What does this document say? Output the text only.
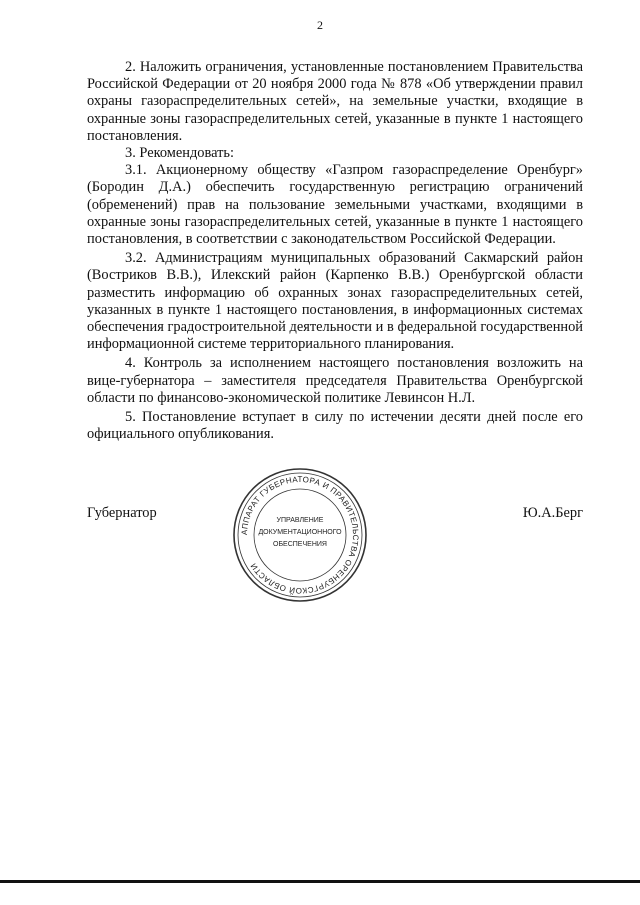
2

2. Наложить ограничения, установленные постановлением Правительства Российской Федерации от 20 ноября 2000 года № 878 «Об утверждении правил охраны газораспределительных сетей», на земельные участки, входящие в охранные зоны газораспределительных сетей, указанные в пункте 1 настоящего постановления.

3. Рекомендовать:

3.1. Акционерному обществу «Газпром газораспределение Оренбург» (Бородин Д.А.) обеспечить государственную регистрацию ограничений (обременений) прав на пользование земельными участками, входящими в охранные зоны газораспределительных сетей, указанные в пункте 1 настоящего постановления, в соответствии с законодательством Российской Федерации.

3.2. Администрациям муниципальных образований Сакмарский район (Востриков В.В.), Илекский район (Карпенко В.В.) Оренбургской области разместить информацию об охранных зонах газораспределительных сетей, указанных в пункте 1 настоящего постановления, в информационных системах обеспечения градостроительной деятельности и в федеральной государственной информационной системе территориального планирования.

4. Контроль за исполнением настоящего постановления возложить на вице-губернатора – заместителя председателя Правительства Оренбургской области по финансово-экономической политике Левинсон Н.Л.

5. Постановление вступает в силу по истечении десяти дней после его официального опубликования.

Губернатор	Ю.А.Берг
АППАРАТ ГУБЕРНАТОРА И ПРАВИТЕЛЬСТВА ОРЕНБУРГСКОЙ ОБЛАСТИ
УПРАВЛЕНИЕ
ДОКУМЕНТАЦИОННОГО
ОБЕСПЕЧЕНИЯ
